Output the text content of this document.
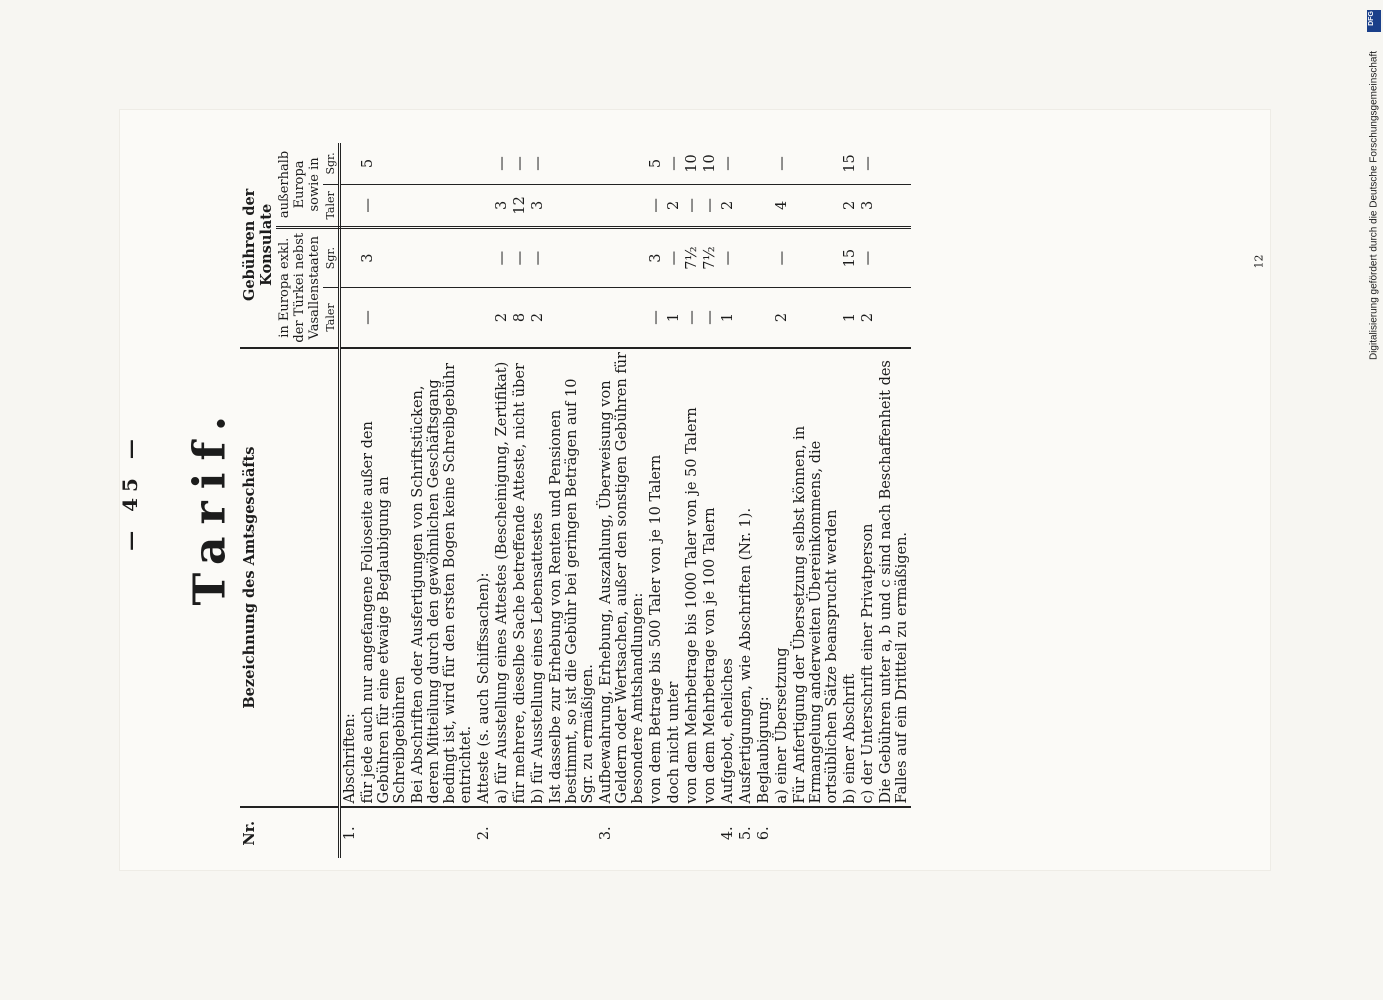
— 45 — Tarif.
Nr.	Bezeichnung des Amtsgeschäfts	Gebühren der Konsulate			
		in Europa exkl. der Türkei nebst Vasallenstaaten		außerhalb Europa sowie in	
		Taler	Sgr.	Taler	Sgr.
1.	Abschriften:				
	für jede auch nur angefangene Folioseite außer den Gebühren für eine etwaige Beglaubigung an Schreibgebühren	—	3	—	5
	Bei Abschriften oder Ausfertigungen von Schriftstücken, deren Mitteilung durch den gewöhnlichen Geschäftsgang bedingt ist, wird für den ersten Bogen keine Schreibgebühr entrichtet.				
2.	Atteste (s. auch Schiffssachen):				
	a) für Ausstellung eines Attestes (Bescheinigung, Zertifikat)	2	—	3	—
	für mehrere, dieselbe Sache betreffende Atteste, nicht über	8	—	12	—
	b) für Ausstellung eines Lebensattestes	2	—	3	—
	Ist dasselbe zur Erhebung von Renten und Pensionen bestimmt, so ist die Gebühr bei geringen Beträgen auf 10 Sgr. zu ermäßigen.				
3.	Aufbewahrung, Erhebung, Auszahlung, Überweisung von Geldern oder Wertsachen, außer den sonstigen Gebühren für besondere Amtshandlungen:				
	von dem Betrage bis 500 Taler von je 10 Talern	—	3	—	5
	doch nicht unter	1	—	2	—
	von dem Mehrbetrage bis 1000 Taler von je 50 Talern	—	7½	—	10
	von dem Mehrbetrage von je 100 Talern	—	7½	—	10
4.	Aufgebot, eheliches	1	—	2	—
5.	Ausfertigungen, wie Abschriften (Nr. 1).				
6.	Beglaubigung:				
	a) einer Übersetzung	2	—	4	—
	Für Anfertigung der Übersetzung selbst können, in Ermangelung anderweiten Übereinkommens, die ortsüblichen Sätze beansprucht werden				
	b) einer Abschrift	1	15	2	15
	c) der Unterschrift einer Privatperson	2	—	3	—
	Die Gebühren unter a, b und c sind nach Beschaffenheit des Falles auf ein Drittteil zu ermäßigen.				
12	Digitalisierung gefördert durch die Deutsche Forschungsgemeinschaft
DFG
